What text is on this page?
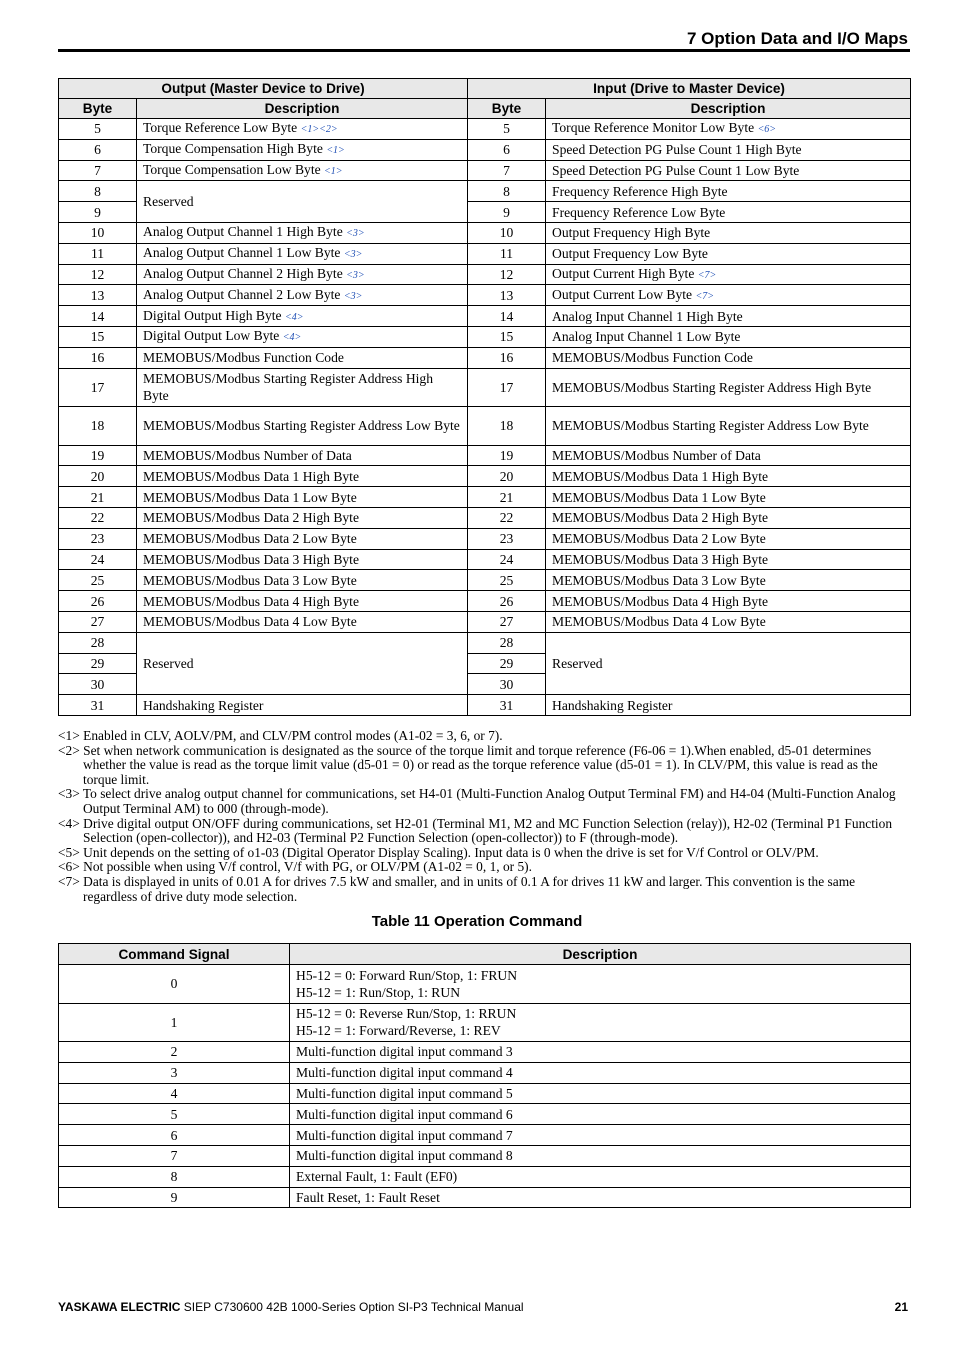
7 Option Data and I/O Maps
Output (Master Device to Drive)		Input (Drive to Master Device)	
Byte	Description	Byte	Description
5	Torque Reference Low Byte <1><2>	5	Torque Reference Monitor Low Byte <6>
6	Torque Compensation High Byte <1>	6	Speed Detection PG Pulse Count 1 High Byte
7	Torque Compensation Low Byte <1>	7	Speed Detection PG Pulse Count 1 Low Byte
8	Reserved	8	Frequency Reference High Byte
9		9	Frequency Reference Low Byte
10	Analog Output Channel 1 High Byte <3>	10	Output Frequency High Byte
11	Analog Output Channel 1 Low Byte <3>	11	Output Frequency Low Byte
12	Analog Output Channel 2 High Byte <3>	12	Output Current High Byte <7>
13	Analog Output Channel 2 Low Byte <3>	13	Output Current Low Byte <7>
14	Digital Output High Byte <4>	14	Analog Input Channel 1 High Byte
15	Digital Output Low Byte <4>	15	Analog Input Channel 1 Low Byte
16	MEMOBUS/Modbus Function Code	16	MEMOBUS/Modbus Function Code
17	MEMOBUS/Modbus Starting Register Address High Byte	17	MEMOBUS/Modbus Starting Register Address High Byte
18	MEMOBUS/Modbus Starting Register Address Low Byte	18	MEMOBUS/Modbus Starting Register Address Low Byte
19	MEMOBUS/Modbus Number of Data	19	MEMOBUS/Modbus Number of Data
20	MEMOBUS/Modbus Data 1 High Byte	20	MEMOBUS/Modbus Data 1 High Byte
21	MEMOBUS/Modbus Data 1 Low Byte	21	MEMOBUS/Modbus Data 1 Low Byte
22	MEMOBUS/Modbus Data 2 High Byte	22	MEMOBUS/Modbus Data 2 High Byte
23	MEMOBUS/Modbus Data 2 Low Byte	23	MEMOBUS/Modbus Data 2 Low Byte
24	MEMOBUS/Modbus Data 3 High Byte	24	MEMOBUS/Modbus Data 3 High Byte
25	MEMOBUS/Modbus Data 3 Low Byte	25	MEMOBUS/Modbus Data 3 Low Byte
26	MEMOBUS/Modbus Data 4 High Byte	26	MEMOBUS/Modbus Data 4 High Byte
27	MEMOBUS/Modbus Data 4 Low Byte	27	MEMOBUS/Modbus Data 4 Low Byte
28	Reserved	28	Reserved
29		29	
30		30	
31	Handshaking Register	31	Handshaking Register
<1> Enabled in CLV, AOLV/PM, and CLV/PM control modes (A1-02 = 3, 6, or 7).
<2> Set when network communication is designated as the source of the torque limit and torque reference (F6-06 = 1).When enabled, d5-01 determines whether the value is read as the torque limit value (d5-01 = 0) or read as the torque reference value (d5-01 = 1). In CLV/PM, this value is read as the torque limit.
<3> To select drive analog output channel for communications, set H4-01 (Multi-Function Analog Output Terminal FM) and H4-04 (Multi-Function Analog Output Terminal AM) to 000 (through-mode).
<4> Drive digital output ON/OFF during communications, set H2-01 (Terminal M1, M2 and MC Function Selection (relay)), H2-02 (Terminal P1 Function Selection (open-collector)), and H2-03 (Terminal P2 Function Selection (open-collector)) to F (through-mode).
<5> Unit depends on the setting of o1-03 (Digital Operator Display Scaling). Input data is 0 when the drive is set for V/f Control or OLV/PM.
<6> Not possible when using V/f control, V/f with PG, or OLV/PM (A1-02 = 0, 1, or 5).
<7> Data is displayed in units of 0.01 A for drives 7.5 kW and smaller, and in units of 0.1 A for drives 11 kW and larger. This convention is the same regardless of drive duty mode selection.
Table 11 Operation Command
Command Signal	Description
0	H5-12 = 0: Forward Run/Stop, 1: FRUN
H5-12 = 1: Run/Stop, 1: RUN

1	H5-12 = 0: Reverse Run/Stop, 1: RRUN
H5-12 = 1: Forward/Reverse, 1: REV

2	Multi-function digital input command 3

3	Multi-function digital input command 4

4	Multi-function digital input command 5

5	Multi-function digital input command 6

6	Multi-function digital input command 7

7	Multi-function digital input command 8

8	External Fault, 1: Fault (EF0)

9	Fault Reset, 1: Fault Reset
YASKAWA ELECTRIC SIEP C730600 42B 1000-Series Option SI-P3 Technical Manual	21
